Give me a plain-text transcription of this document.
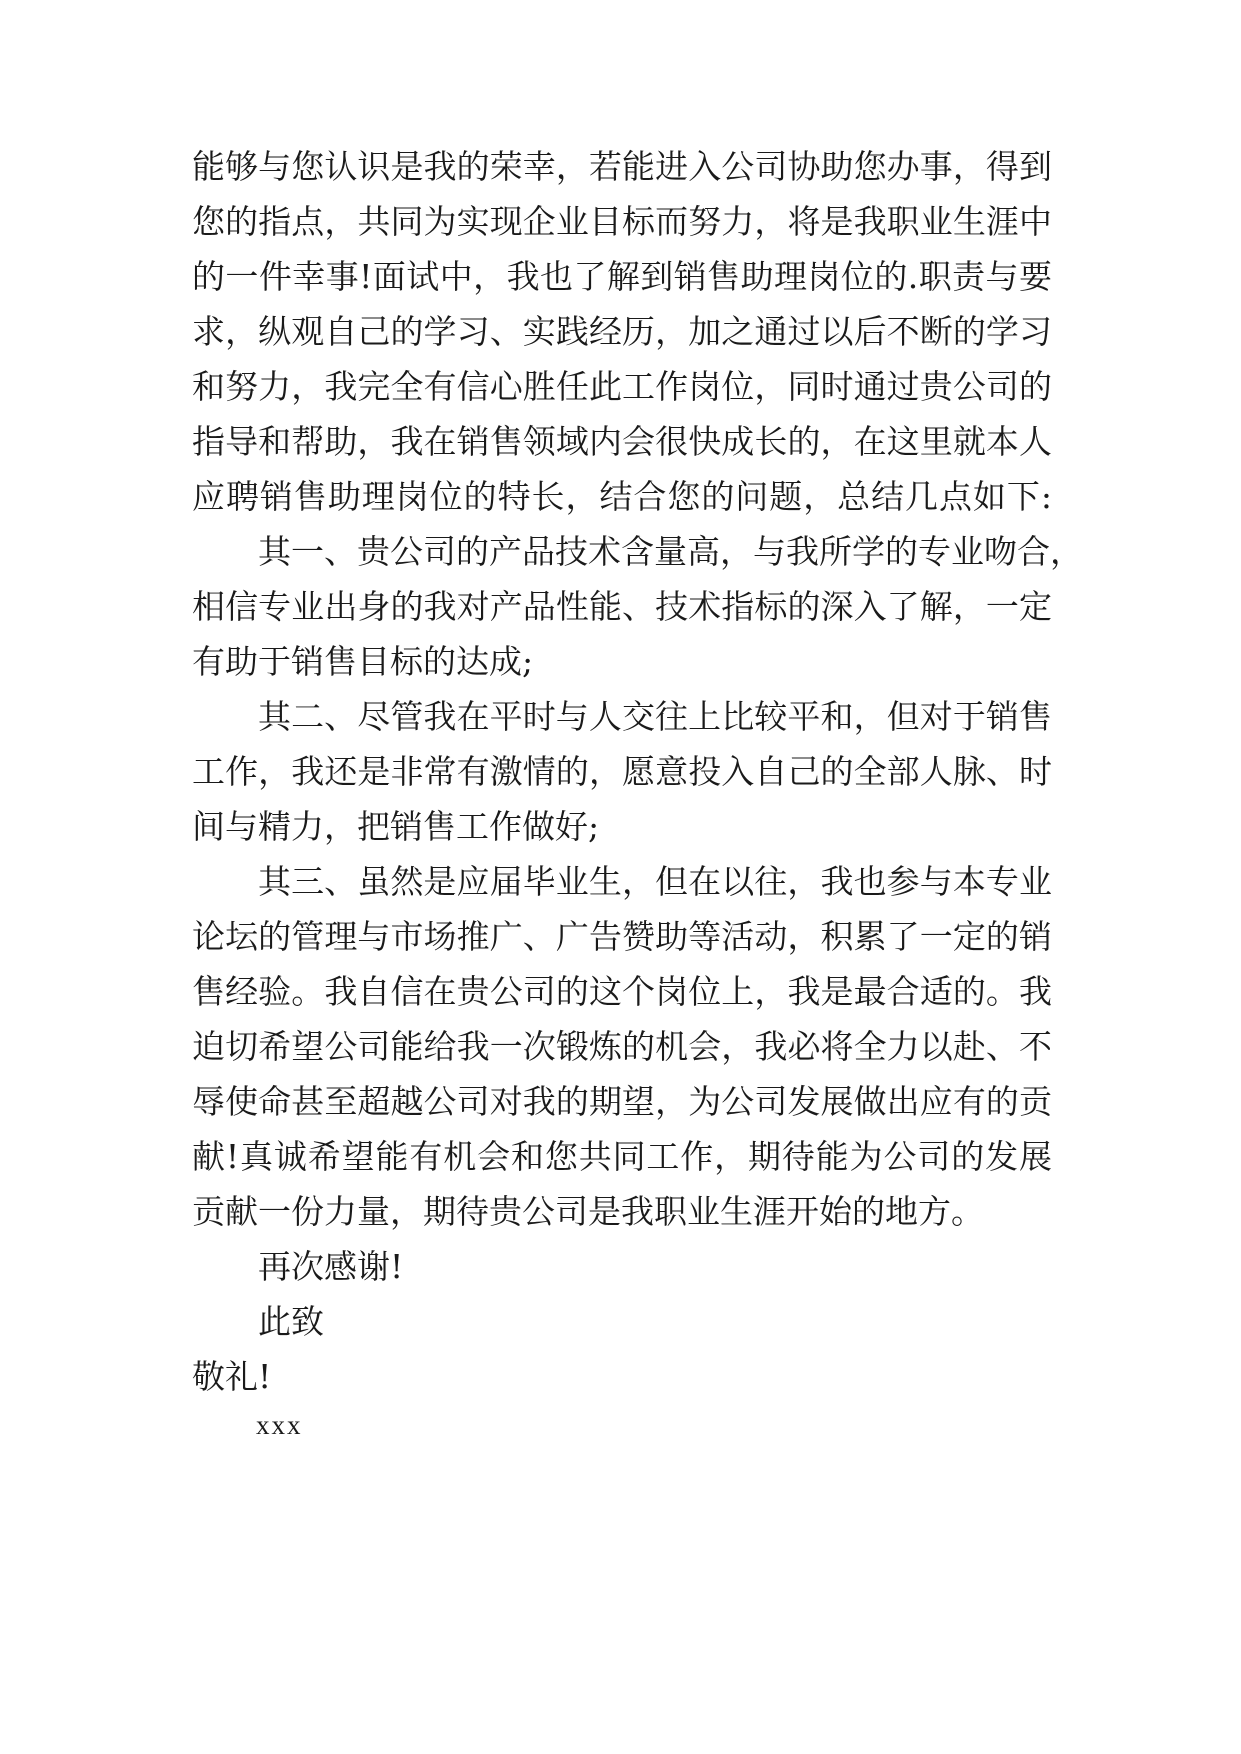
能够与您认识是我的荣幸，若能进入公司协助您办事，得到
您的指点，共同为实现企业目标而努力，将是我职业生涯中
的一件幸事!面试中，我也了解到销售助理岗位的.职责与要
求，纵观自己的学习、实践经历，加之通过以后不断的学习
和努力，我完全有信心胜任此工作岗位，同时通过贵公司的
指导和帮助，我在销售领域内会很快成长的，在这里就本人
应聘销售助理岗位的特长，结合您的问题，总结几点如下:
其一、贵公司的产品技术含量高，与我所学的专业吻合，
相信专业出身的我对产品性能、技术指标的深入了解，一定
有助于销售目标的达成;
其二、尽管我在平时与人交往上比较平和，但对于销售
工作，我还是非常有激情的，愿意投入自己的全部人脉、时
间与精力，把销售工作做好;
其三、虽然是应届毕业生，但在以往，我也参与本专业
论坛的管理与市场推广、广告赞助等活动，积累了一定的销
售经验。我自信在贵公司的这个岗位上，我是最合适的。我
迫切希望公司能给我一次锻炼的机会，我必将全力以赴、不
辱使命甚至超越公司对我的期望，为公司发展做出应有的贡
献!真诚希望能有机会和您共同工作，期待能为公司的发展
贡献一份力量，期待贵公司是我职业生涯开始的地方。
再次感谢!
此致
敬礼!
xxx
